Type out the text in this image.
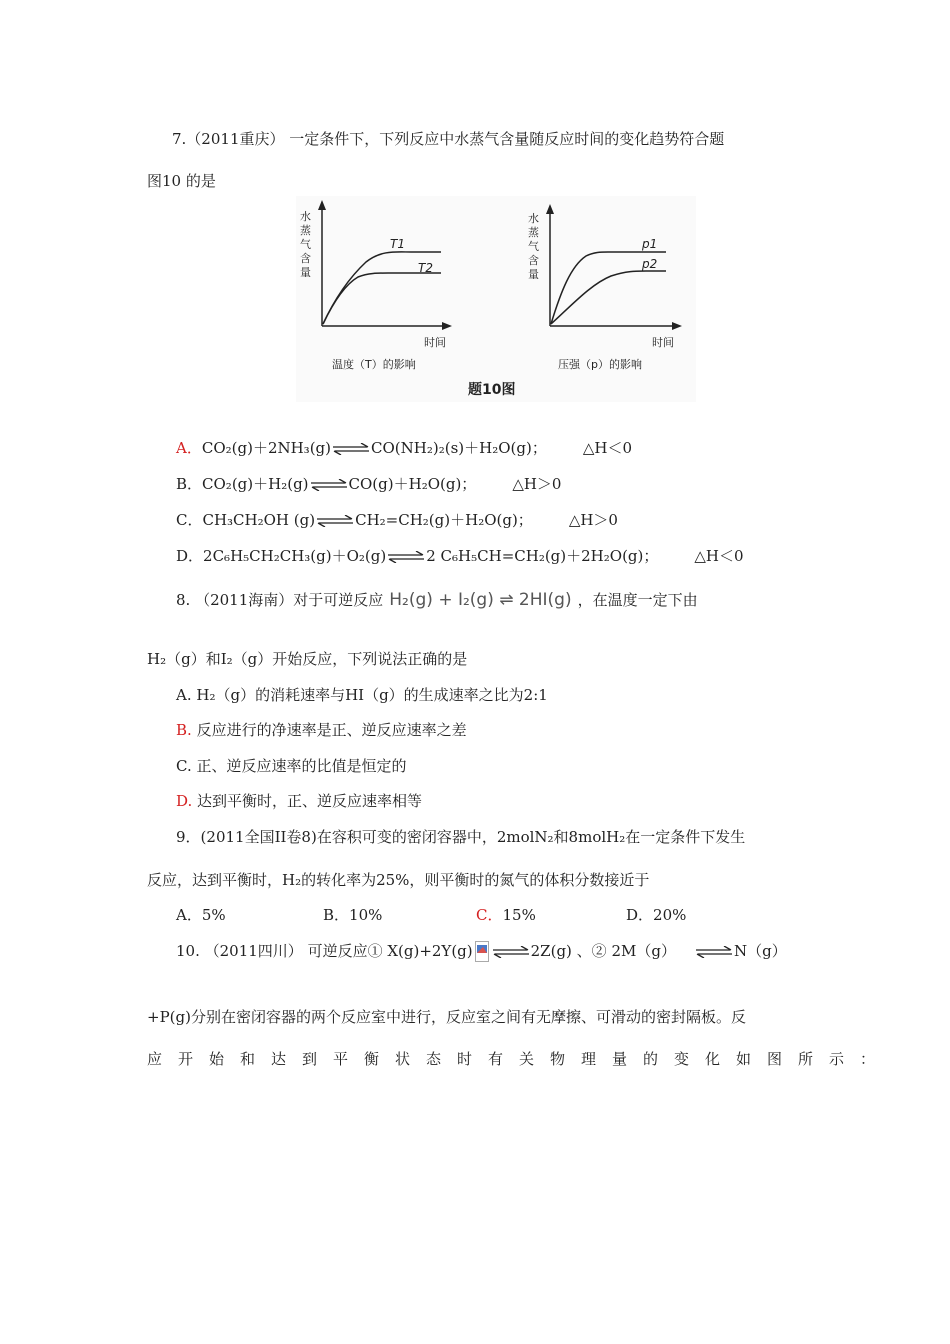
7.（2011重庆） 一定条件下，下列反应中水蒸气含量随反应时间的变化趋势符合题
图10 的是
T1
T2
水
蒸
气
含
量
时间
温度（T）的影响
p1
p2
水
蒸
气
含
量
时间
压强（p）的影响
题10图
A．CO₂(g)＋2NH₃(g)⇌CO(NH₂)₂(s)＋H₂O(g)； △H＜0
B．CO₂(g)＋H₂(g)⇌CO(g)＋H₂O(g)； △H＞0
C．CH₃CH₂OH (g)⇌CH₂=CH₂(g)＋H₂O(g)； △H＞0
D．2C₆H₅CH₂CH₃(g)＋O₂(g)⇌2 C₆H₅CH=CH₂(g)＋2H₂O(g)； △H＜0
8. （2011海南）对于可逆反应 H₂(g) + I₂(g) ⇌ 2HI(g) ，在温度一定下由
H₂（g）和I₂（g）开始反应，下列说法正确的是
A. H₂（g）的消耗速率与HI（g）的生成速率之比为2:1
B. 反应进行的净速率是正、逆反应速率之差
C. 正、逆反应速率的比值是恒定的
D. 达到平衡时，正、逆反应速率相等
9．(2011全国II卷8)在容积可变的密闭容器中，2molN₂和8molH₂在一定条件下发生
反应，达到平衡时，H₂的转化率为25%，则平衡时的氮气的体积分数接近于
A．5%	B．10%	C．15%	D．20%
10. （2011四川） 可逆反应① X(g)+2Y(g) ⇌2Z(g) 、② 2M（g） ⇌N（g）
+P(g)分别在密闭容器的两个反应室中进行，反应室之间有无摩擦、可滑动的密封隔板。反
应开始和达到平衡状态时有关物理量的变化如图所示：
